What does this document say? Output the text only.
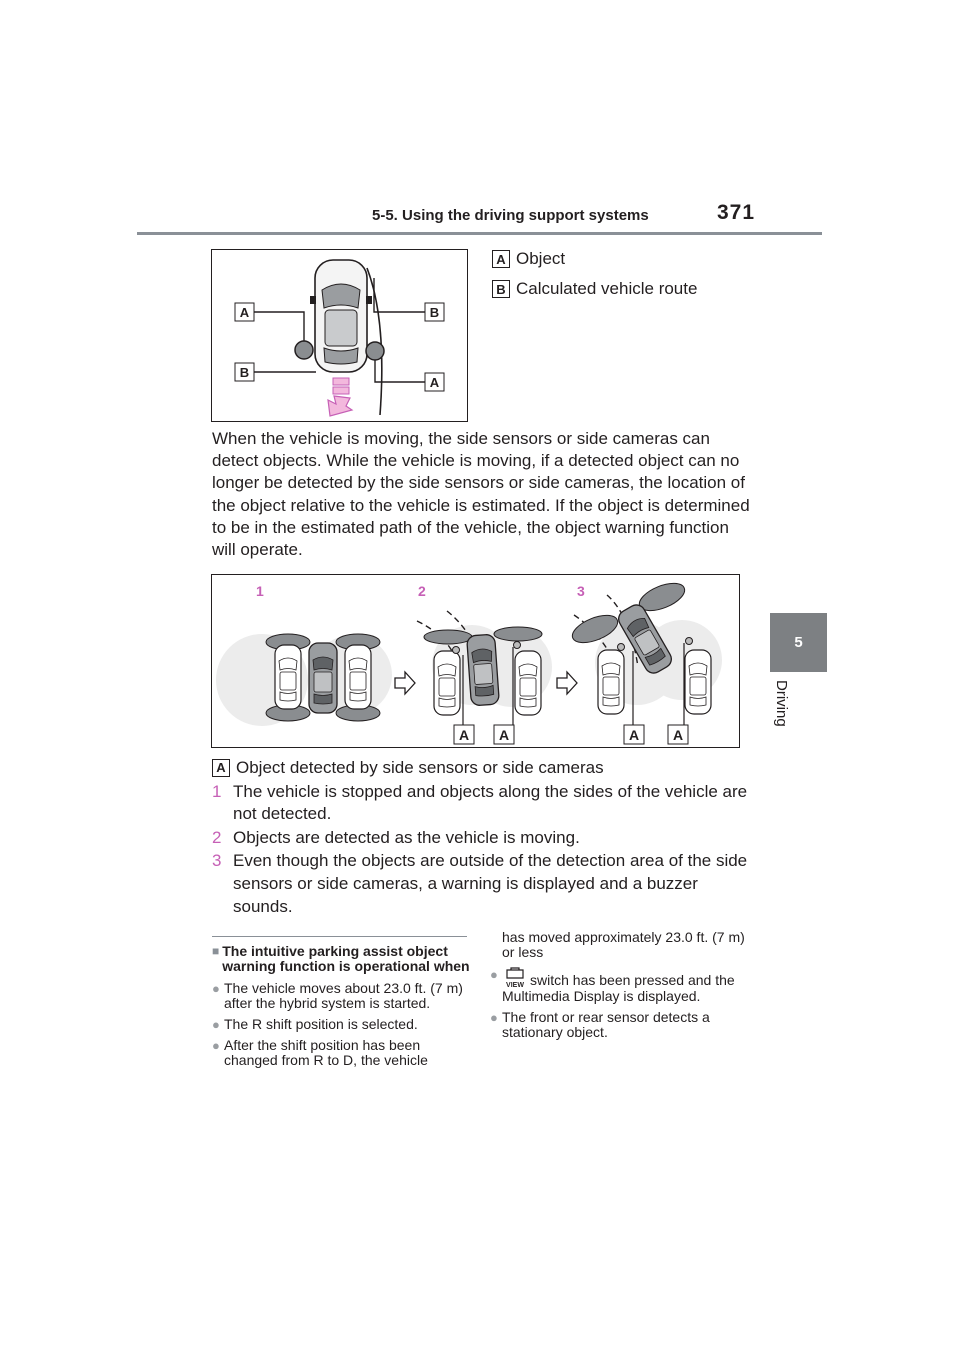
5-5. Using the driving support systems	371
5
Driving
A	B
B
A
A Object
B Calculated vehicle route
When the vehicle is moving, the side sensors or side cameras can detect objects. While the vehicle is moving, if a detected object can no longer be detected by the side sensors or side cameras, the location of the object relative to the vehicle is estimated. If the object is determined to be in the estimated path of the vehicle, the object warning function will operate.
1	2	3
A A	A A
A Object detected by side sensors or side cameras
1 The vehicle is stopped and objects along the sides of the vehicle are not detected.
2 Objects are detected as the vehicle is moving.
3 Even though the objects are outside of the detection area of the side sensors or side cameras, a warning is displayed and a buzzer sounds.
■ The intuitive parking assist object warning function is operational when
● The vehicle moves about 23.0 ft. (7 m) after the hybrid system is started.
● The R shift position is selected.
● After the shift position has been changed from R to D, the vehicle
has moved approximately 23.0 ft. (7 m) or less
●
VIEW switch has been pressed and the Multimedia Display is displayed.
● The front or rear sensor detects a stationary object.
